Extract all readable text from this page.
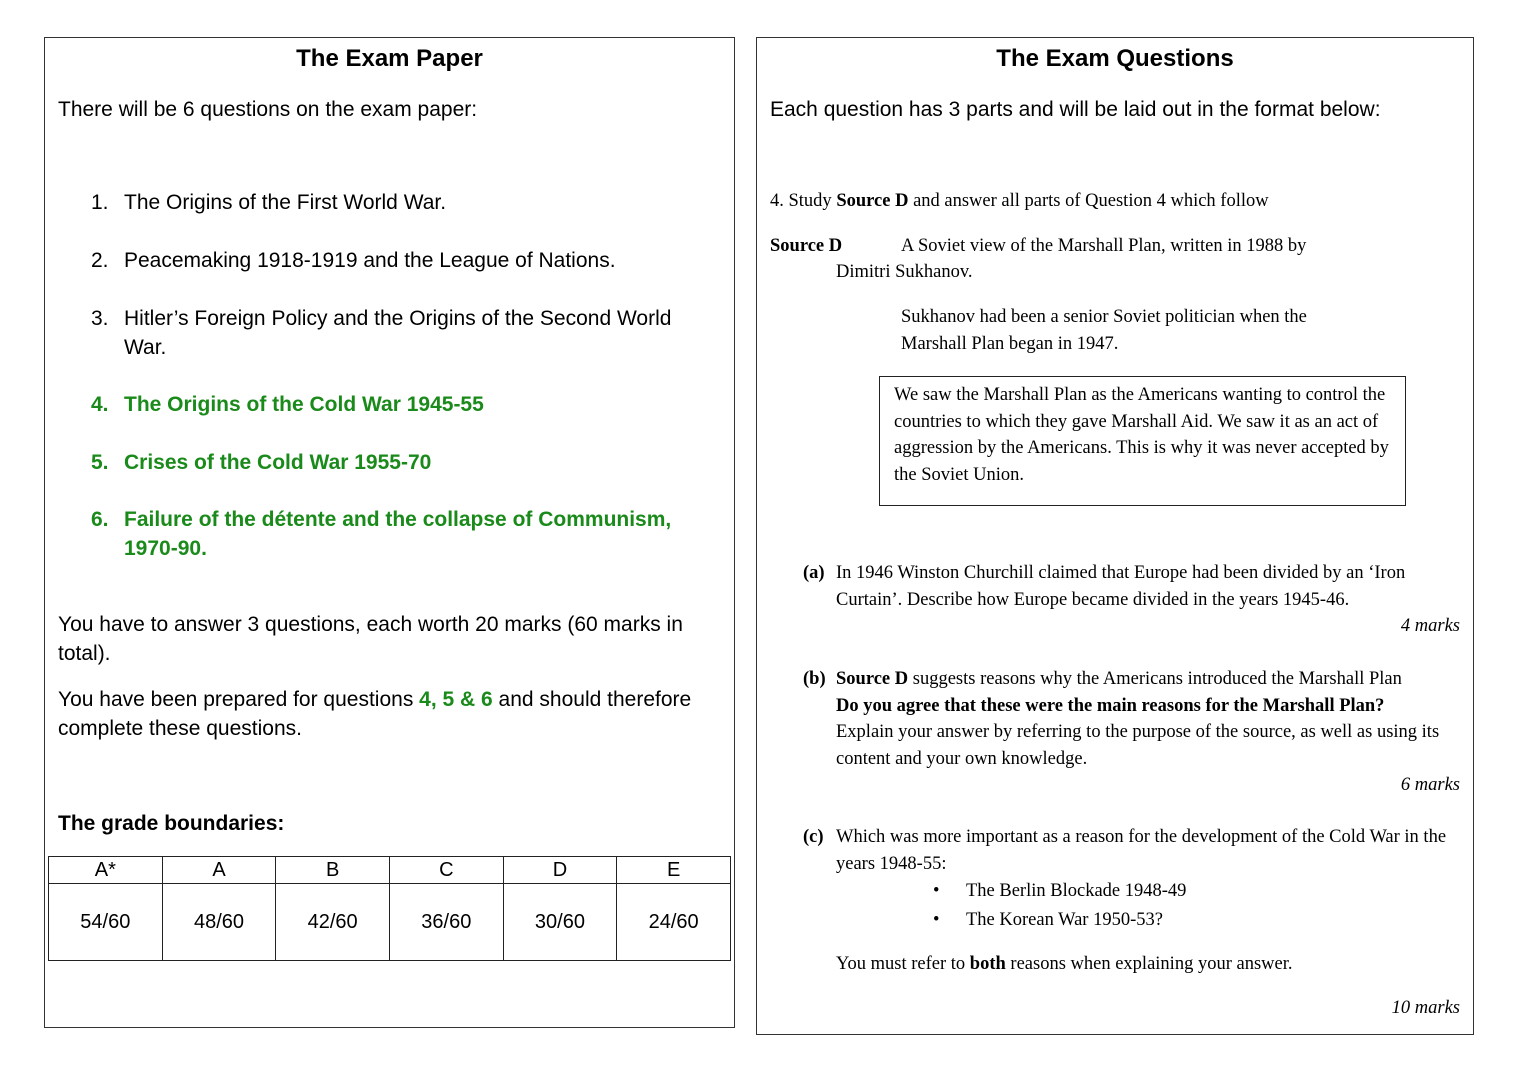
The Exam Paper
There will be 6 questions on the exam paper:
1. The Origins of the First World War.
2. Peacemaking 1918-1919 and the League of Nations.
3. Hitler’s Foreign Policy and the Origins of the Second World War.
4. The Origins of the Cold War 1945-55
5. Crises of the Cold War 1955-70
6. Failure of the détente and the collapse of Communism, 1970-90.
You have to answer 3 questions, each worth 20 marks (60 marks in total).
You have been prepared for questions 4, 5 & 6 and should therefore complete these questions.
The grade boundaries:
A*	A	B	C	D	E
54/60	48/60	42/60	36/60	30/60	24/60
The Exam Questions
Each question has 3 parts and will be laid out in the format below:
4. Study Source D and answer all parts of Question 4 which follow
Source D	A Soviet view of the Marshall Plan, written in 1988 by
Dimitri Sukhanov.
Sukhanov had been a senior Soviet politician when the Marshall Plan began in 1947.
We saw the Marshall Plan as the Americans wanting to control the countries to which they gave Marshall Aid. We saw it as an act of aggression by the Americans. This is why it was never accepted by the Soviet Union.
(a) In 1946 Winston Churchill claimed that Europe had been divided by an ‘Iron Curtain’. Describe how Europe became divided in the years 1945-46.
4 marks
(b) Source D suggests reasons why the Americans introduced the Marshall Plan
Do you agree that these were the main reasons for the Marshall Plan?
Explain your answer by referring to the purpose of the source, as well as using its content and your own knowledge.
6 marks
(c) Which was more important as a reason for the development of the Cold War in the years 1948-55:
• The Berlin Blockade 1948-49
• The Korean War 1950-53?
You must refer to both reasons when explaining your answer.
10 marks
